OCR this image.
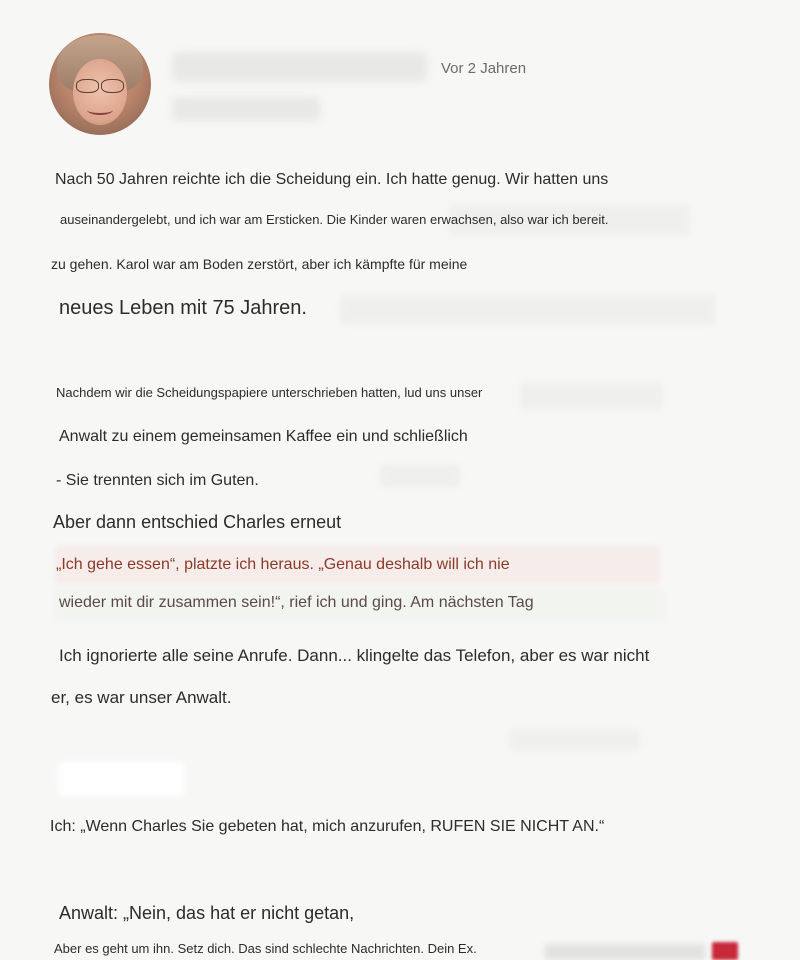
Vor 2 Jahren
Nach 50 Jahren reichte ich die Scheidung ein. Ich hatte genug. Wir hatten uns
auseinandergelebt, und ich war am Ersticken. Die Kinder waren erwachsen, also war ich bereit.
zu gehen. Karol war am Boden zerstört, aber ich kämpfte für meine
neues Leben mit 75 Jahren.
Nachdem wir die Scheidungspapiere unterschrieben hatten, lud uns unser
Anwalt zu einem gemeinsamen Kaffee ein und schließlich
- Sie trennten sich im Guten.
Aber dann entschied Charles erneut
„Ich gehe essen“, platzte ich heraus. „Genau deshalb will ich nie
wieder mit dir zusammen sein!“, rief ich und ging. Am nächsten Tag
Ich ignorierte alle seine Anrufe. Dann... klingelte das Telefon, aber es war nicht
er, es war unser Anwalt.
Ich: „Wenn Charles Sie gebeten hat, mich anzurufen, RUFEN SIE NICHT AN.“
Anwalt: „Nein, das hat er nicht getan,
Aber es geht um ihn. Setz dich. Das sind schlechte Nachrichten. Dein Ex.
